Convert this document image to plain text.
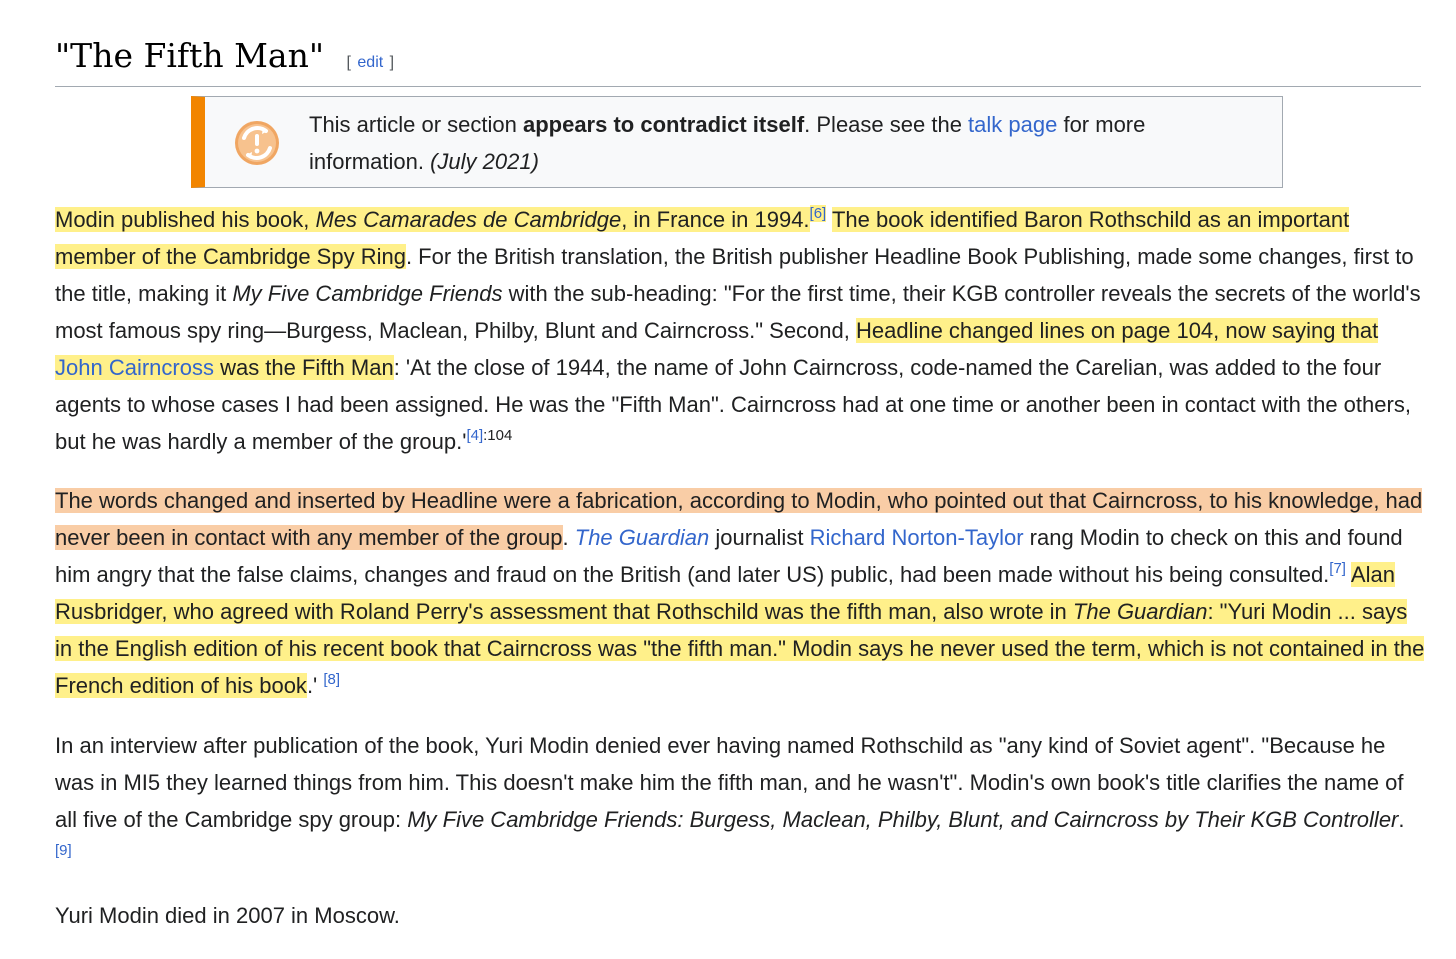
"The Fifth Man" [ edit ]
This article or section appears to contradict itself. Please see the talk page for more information. (July 2021)

Modin published his book, Mes Camarades de Cambridge, in France in 1994.[6] The book identified Baron Rothschild as an important member of the Cambridge Spy Ring. For the British translation, the British publisher Headline Book Publishing, made some changes, first to the title, making it My Five Cambridge Friends with the sub-heading: "For the first time, their KGB controller reveals the secrets of the world's most famous spy ring—Burgess, Maclean, Philby, Blunt and Cairncross." Second, Headline changed lines on page 104, now saying that John Cairncross was the Fifth Man: 'At the close of 1944, the name of John Cairncross, code-named the Carelian, was added to the four agents to whose cases I had been assigned. He was the "Fifth Man". Cairncross had at one time or another been in contact with the others, but he was hardly a member of the $group.'^{[4]:104}$

The words changed and inserted by Headline were a fabrication, according to Modin, who pointed out that Cairncross, to his knowledge, had never been in contact with any member of the group. The Guardian journalist Richard Norton-Taylor rang Modin to check on this and found him angry that the false claims, changes and fraud on the British (and later US) public, had been made without his being consulted.[7] Alan Rusbridger, who agreed with Roland Perry's assessment that Rothschild was the fifth man, also wrote in The Guardian: "Yuri Modin ... says in the English edition of his recent book that Cairncross was "the fifth man." Modin says he never used the term, which is not contained in the French edition of his book.' [8]

In an interview after publication of the book, Yuri Modin denied ever having named Rothschild as "any kind of Soviet agent". "Because he was in MI5 they learned things from him. This doesn't make him the fifth man, and he wasn't". Modin's own book's title clarifies the name of all five of the Cambridge spy group: My Five Cambridge Friends: Burgess, Maclean, Philby, Blunt, and Cairncross by Their KGB Controller. [9]

Yuri Modin died in 2007 in Moscow.
